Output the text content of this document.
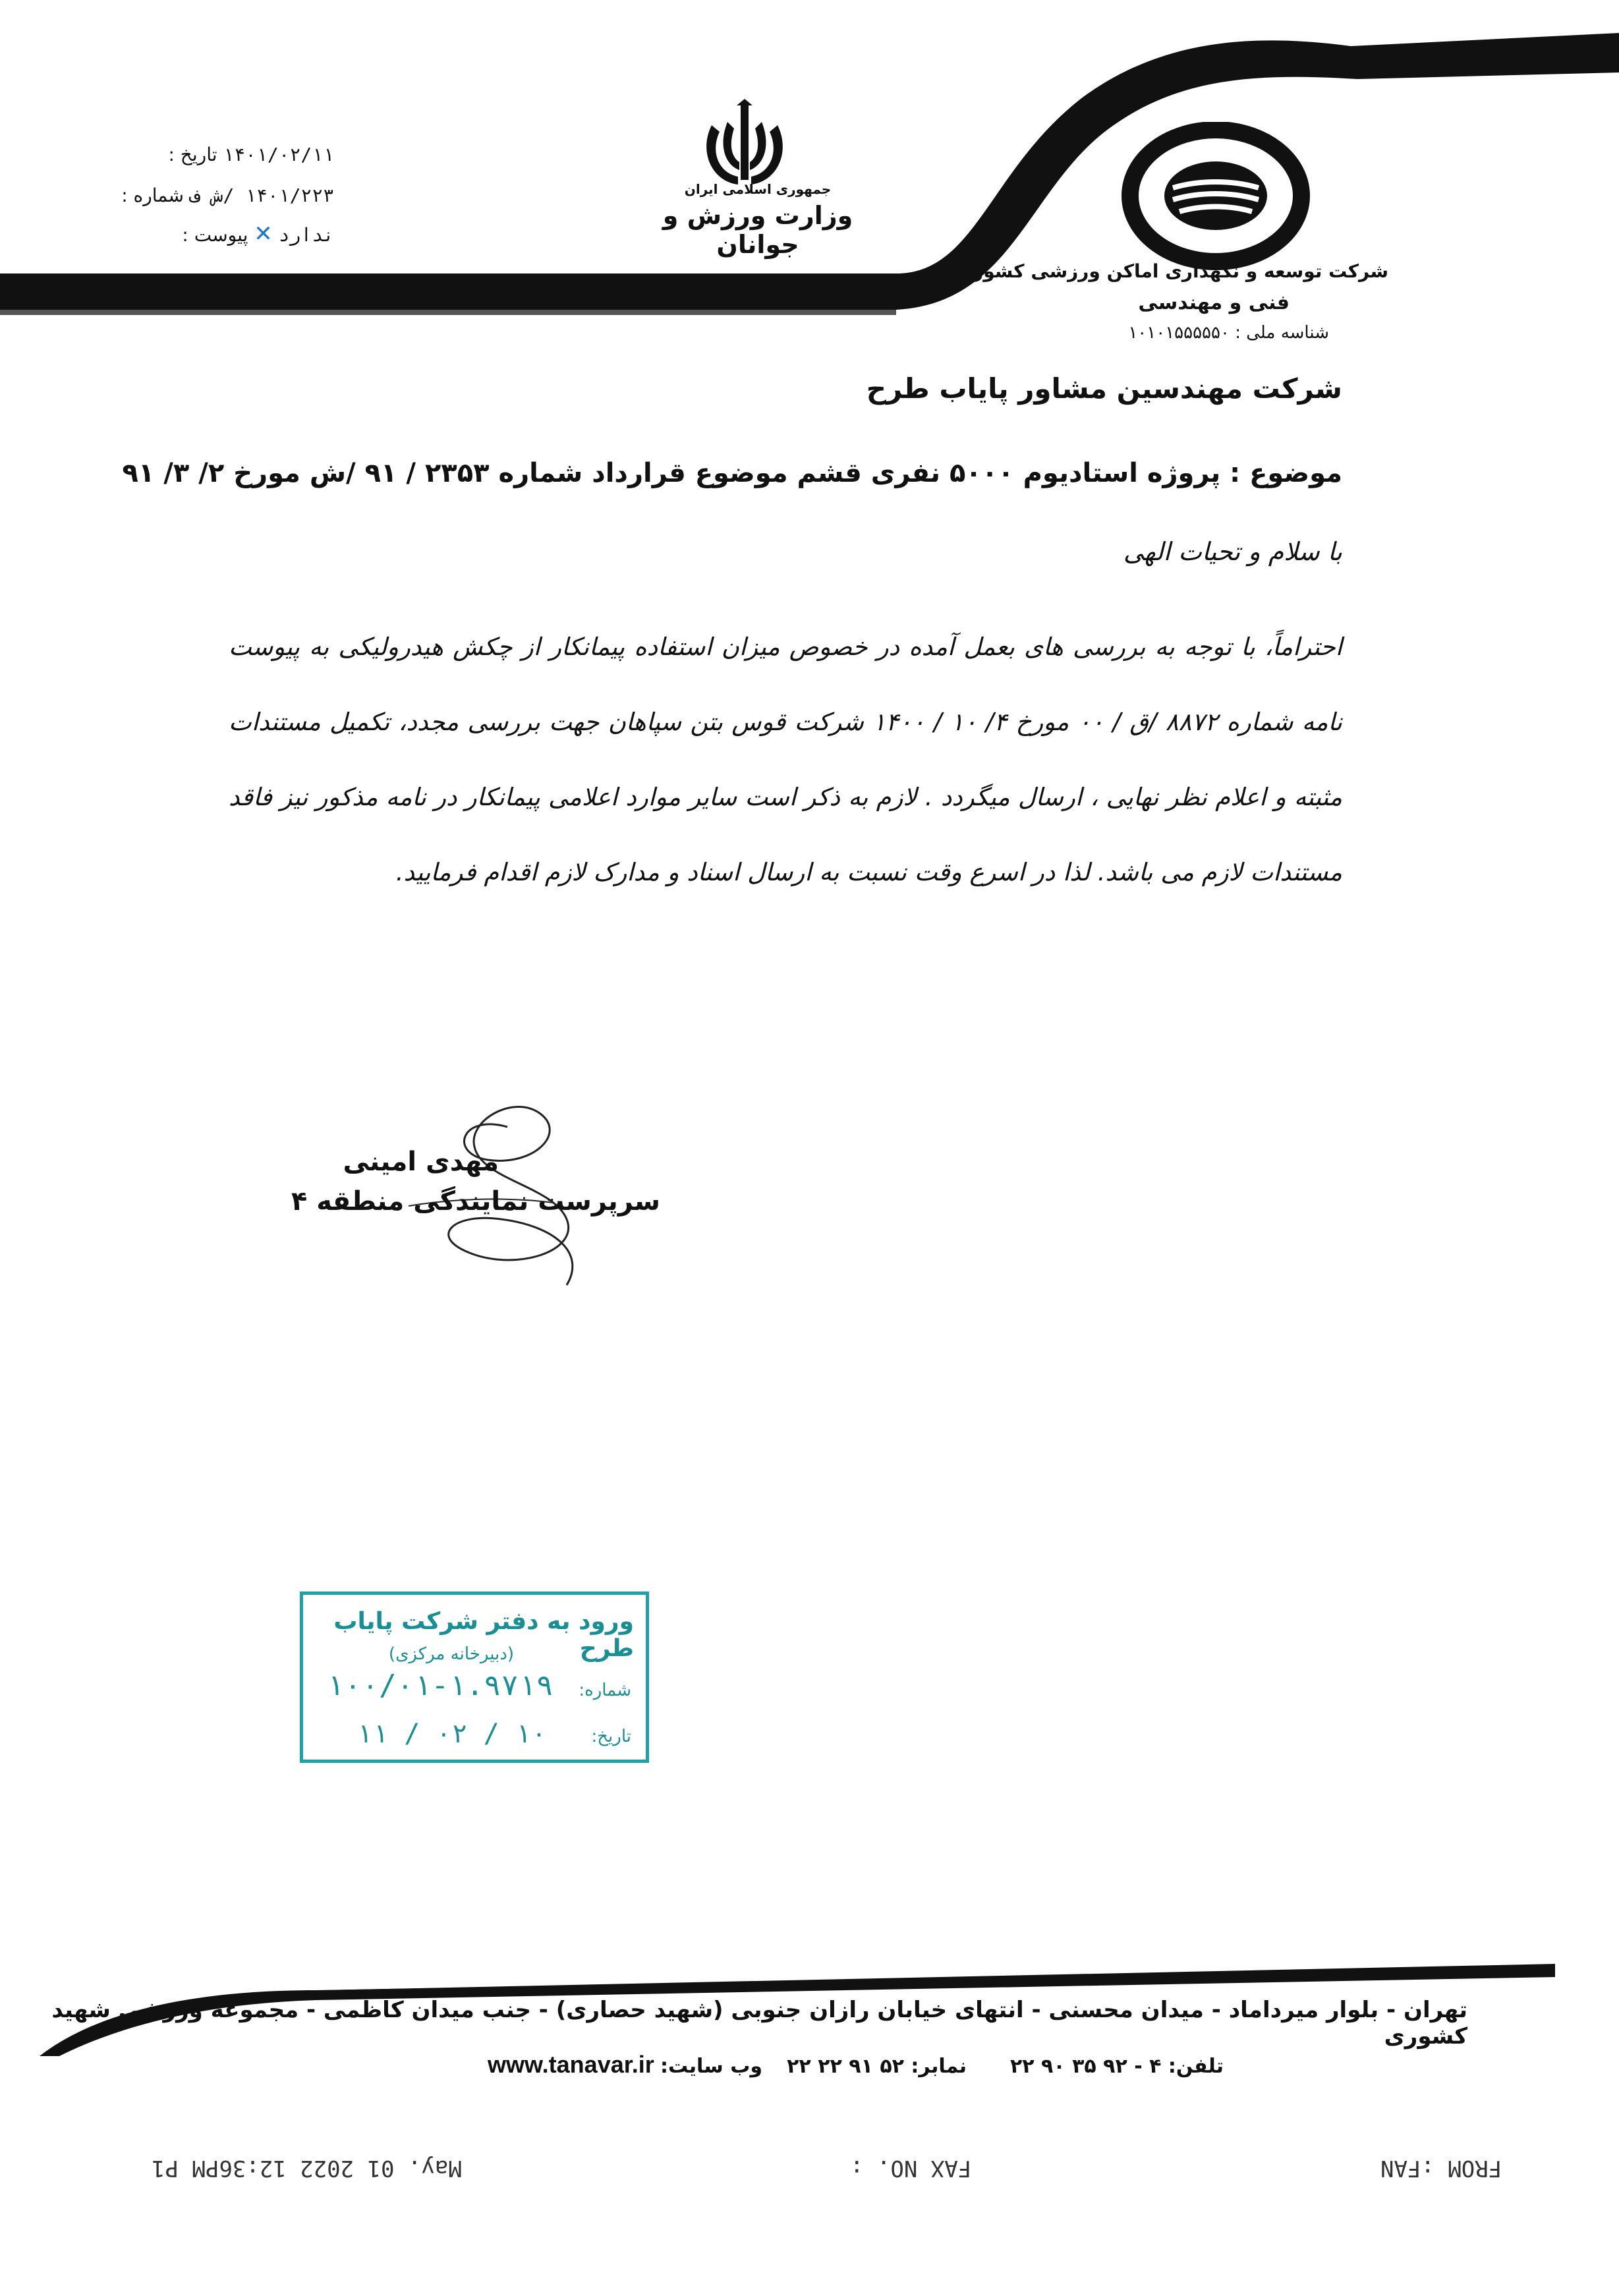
شرکت توسعه و نگهداری اماکن ورزشی کشور
فنی و مهندسی
شناسه ملی : ۱۰۱۰۱۵۵۵۵۵۰
جمهوری اسلامی ایران
وزارت ورزش و جوانان
تاریخ : ۱۴۰۱/۰۲/۱۱
شماره : ۱۴۰۱/۲۲۳ /ش ف
پیوست : ✕ ندارد
شرکت مهندسین مشاور پایاب طرح
موضوع : پروژه استادیوم ۵۰۰۰ نفری قشم موضوع قرارداد شماره ۲۳۵۳ / ۹۱ /ش مورخ ۲/ ۳/ ۹۱
با سلام و تحیات الهی
احتراماً، با توجه به بررسی های بعمل آمده در خصوص میزان استفاده پیمانکار از چکش هیدرولیکی به پیوست نامه شماره ۸۸۷۲ /ق / ۰۰ مورخ ۴/ ۱۰ / ۱۴۰۰ شرکت قوس بتن سپاهان جهت بررسی مجدد، تکمیل مستندات مثبته و اعلام نظر نهایی ، ارسال میگردد . لازم به ذکر است سایر موارد اعلامی پیمانکار در نامه مذکور نیز فاقد مستندات لازم می باشد. لذا در اسرع وقت نسبت به ارسال اسناد و مدارک لازم اقدام فرمایید.
مهدی امینی
سرپرست نمایندگی منطقه ۴
ورود به دفتر شرکت پایاب طرح
(دبیرخانه مرکزی)
شماره:
۱۰۰/۰۱-۱.۹۷۱۹
تاریخ:
۱۱ / ۰۲ / ۱۰
تهران - بلوار میرداماد - میدان محسنی - انتهای خیابان رازان جنوبی (شهید حصاری) - جنب میدان کاظمی - مجموعه ورزشی شهید کشوری
تلفن: ۴ - ۹۲ ۳۵ ۹۰ ۲۲
نمابر: ۵۲ ۹۱ ۲۲ ۲۲
وب سایت:
www.tanavar.ir
FROM :FAN
FAX NO. :
May. 01 2022 12:36PM P1
